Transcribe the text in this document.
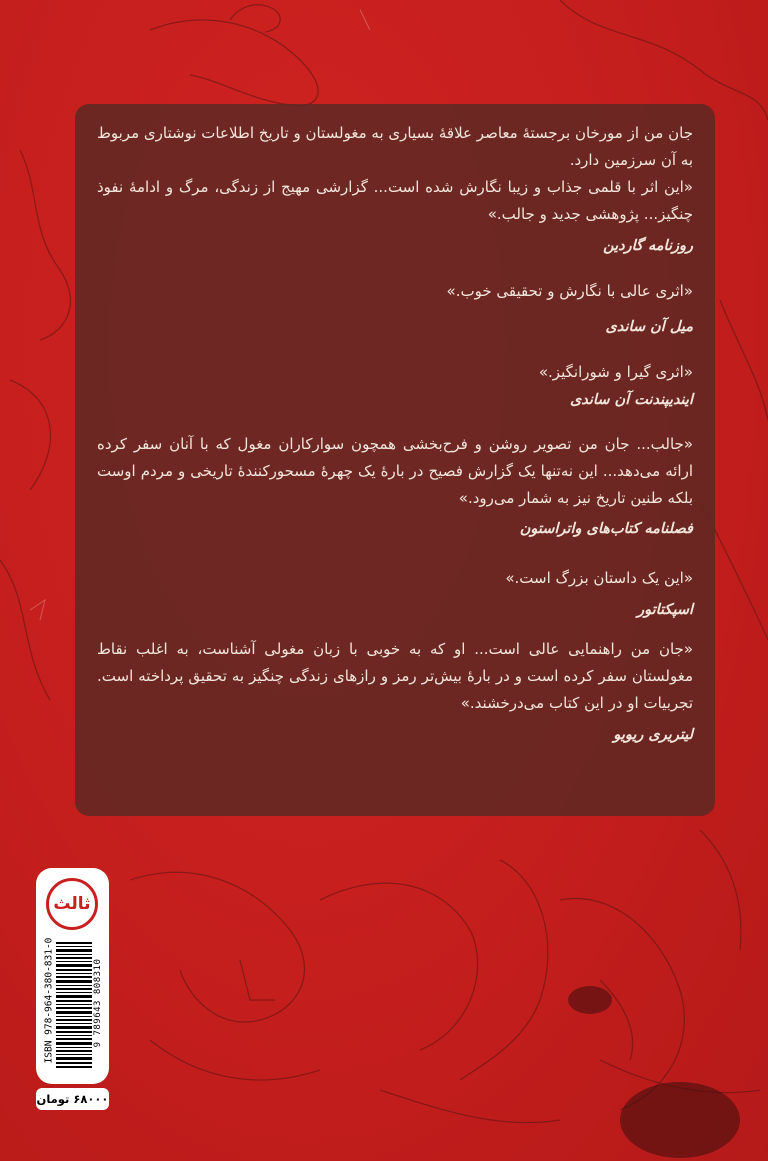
جان من از مورخان برجستهٔ معاصر علاقهٔ بسیاری به مغولستان و تاریخ اطلاعات نوشتاری مربوط به آن سرزمین دارد.

«این اثر با قلمی جذاب و زیبا نگارش شده است... گزارشی مهیج از زندگی، مرگ و ادامهٔ نفوذ چنگیز... پژوهشی جدید و جالب.»

روزنامه گاردین

«اثری عالی با نگارش و تحقیقی خوب.»

میل آن ساندی

«اثری گیرا و شورانگیز.»

ایندیپندنت آن ساندی

«جالب... جان من تصویر روشن و فرح‌بخشی همچون سوارکاران مغول که با آنان سفر کرده ارائه می‌دهد... این نه‌تنها یک گزارش فصیح در بارهٔ یک چهرهٔ مسحورکنندهٔ تاریخی و مردم اوست بلکه طنین تاریخ نیز به شمار می‌رود.»

فصلنامه کتاب‌های واتراستون

«این یک داستان بزرگ است.»

اسپکتاتور

«جان من راهنمایی عالی است... او که به خوبی با زبان مغولی آشناست، به اغلب نقاط مغولستان سفر کرده است و در بارهٔ بیش‌تر رمز و رازهای زندگی چنگیز به تحقیق پرداخته است. تجربیات او در این کتاب می‌درخشند.»

لیتریری ریویو

ثالث
ISBN 978-964-380-831-0	9 789643 808310
۶۸۰۰۰ تومان
